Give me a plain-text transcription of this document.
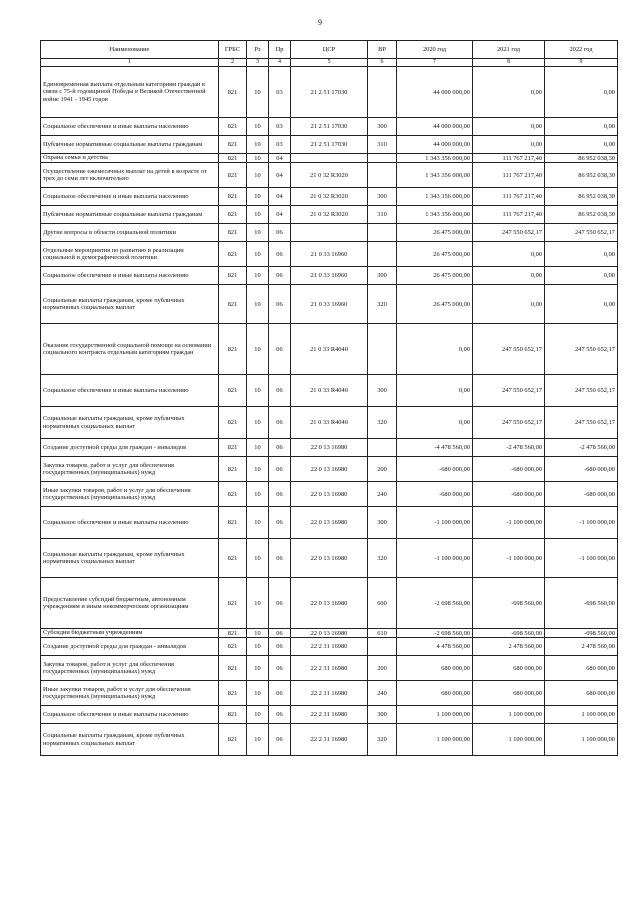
9
Наименование	ГРБС	Рз	Пр	ЦСР	ВР	2020 год	2021 год	2022 год
1	2	3	4	5	6	7	8	9
Единовременная выплата отдельным категориям граждан в связи с 75-й годовщиной Победы в Великой Отечественной войне 1941 - 1945 годов	821	10	03	21 2 51 17030		44 000 000,00	0,00	0,00
Социальное обеспечение и иные выплаты населению	821	10	03	21 2 51 17030	300	44 000 000,00	0,00	0,00
Публичные нормативные социальные выплаты гражданам	821	10	03	21 2 51 17030	310	44 000 000,00	0,00	0,00
Охрана семьи и детства	821	10	04			1 343 356 000,00	111 767 217,40	86 952 038,30
Осуществление ежемесячных выплат на детей в возрасте от трех до семи лет включительно	821	10	04	21 0 32 R3020		1 343 356 000,00	111 767 217,40	86 952 038,30
Социальное обеспечение и иные выплаты населению	821	10	04	21 0 32 R3020	300	1 343 356 000,00	111 767 217,40	86 952 038,30
Публичные нормативные социальные выплаты гражданам	821	10	04	21 0 32 R3020	310	1 343 356 000,00	111 767 217,40	86 952 038,30
Другие вопросы в области социальной политики	821	10	06			26 475 000,00	247 550 652,17	247 550 652,17
Отдельные мероприятия по развитию и реализации социальной и демографической политики	821	10	06	21 0 33 16960		26 475 000,00	0,00	0,00
Социальное обеспечение и иные выплаты населению	821	10	06	21 0 33 16960	300	26 475 000,00	0,00	0,00
Социальные выплаты гражданам, кроме публичных нормативных социальных выплат	821	10	06	21 0 33 16960	320	26 475 000,00	0,00	0,00
Оказание государственной социальной помощи на основании социального контракта отдельным категориям граждан	821	10	06	21 0 33 R4040		0,00	247 550 652,17	247 550 652,17
Социальное обеспечение и иные выплаты населению	821	10	06	21 0 33 R4040	300	0,00	247 550 652,17	247 550 652,17
Социальные выплаты гражданам, кроме публичных нормативных социальных выплат	821	10	06	21 0 33 R4040	320	0,00	247 550 652,17	247 550 652,17
Создание доступной среды для граждан - инвалидов	821	10	06	22 0 13 16980		-4 478 560,00	-2 478 560,00	-2 478 560,00
Закупка товаров, работ и услуг для обеспечения государственных (муниципальных) нужд	821	10	06	22 0 13 16980	200	-680 000,00	-680 000,00	-680 000,00
Иные закупки товаров, работ и услуг для обеспечения государственных (муниципальных) нужд	821	10	06	22 0 13 16980	240	-680 000,00	-680 000,00	-680 000,00
Социальное обеспечение и иные выплаты населению	821	10	06	22 0 13 16980	300	-1 100 000,00	-1 100 000,00	-1 100 000,00
Социальные выплаты гражданам, кроме публичных нормативных социальных выплат	821	10	06	22 0 13 16980	320	-1 100 000,00	-1 100 000,00	-1 100 000,00
Предоставление субсидий бюджетным, автономным учреждениям и иным некоммерческим организациям	821	10	06	22 0 13 16980	600	-2 698 560,00	-698 560,00	-698 560,00
Субсидии бюджетным учреждениям	821	10	06	22 0 13 16980	610	-2 698 560,00	-698 560,00	-698 560,00
Создание доступной среды для граждан - инвалидов	821	10	06	22 2 31 16980		4 478 560,00	2 478 560,00	2 478 560,00
Закупка товаров, работ и услуг для обеспечения государственных (муниципальных) нужд	821	10	06	22 2 31 16980	200	680 000,00	680 000,00	680 000,00
Иные закупки товаров, работ и услуг для обеспечения государственных (муниципальных) нужд	821	10	06	22 2 31 16980	240	680 000,00	680 000,00	680 000,00
Социальное обеспечение и иные выплаты населению	821	10	06	22 2 31 16980	300	1 100 000,00	1 100 000,00	1 100 000,00
Социальные выплаты гражданам, кроме публичных нормативных социальных выплат	821	10	06	22 2 31 16980	320	1 100 000,00	1 100 000,00	1 100 000,00
